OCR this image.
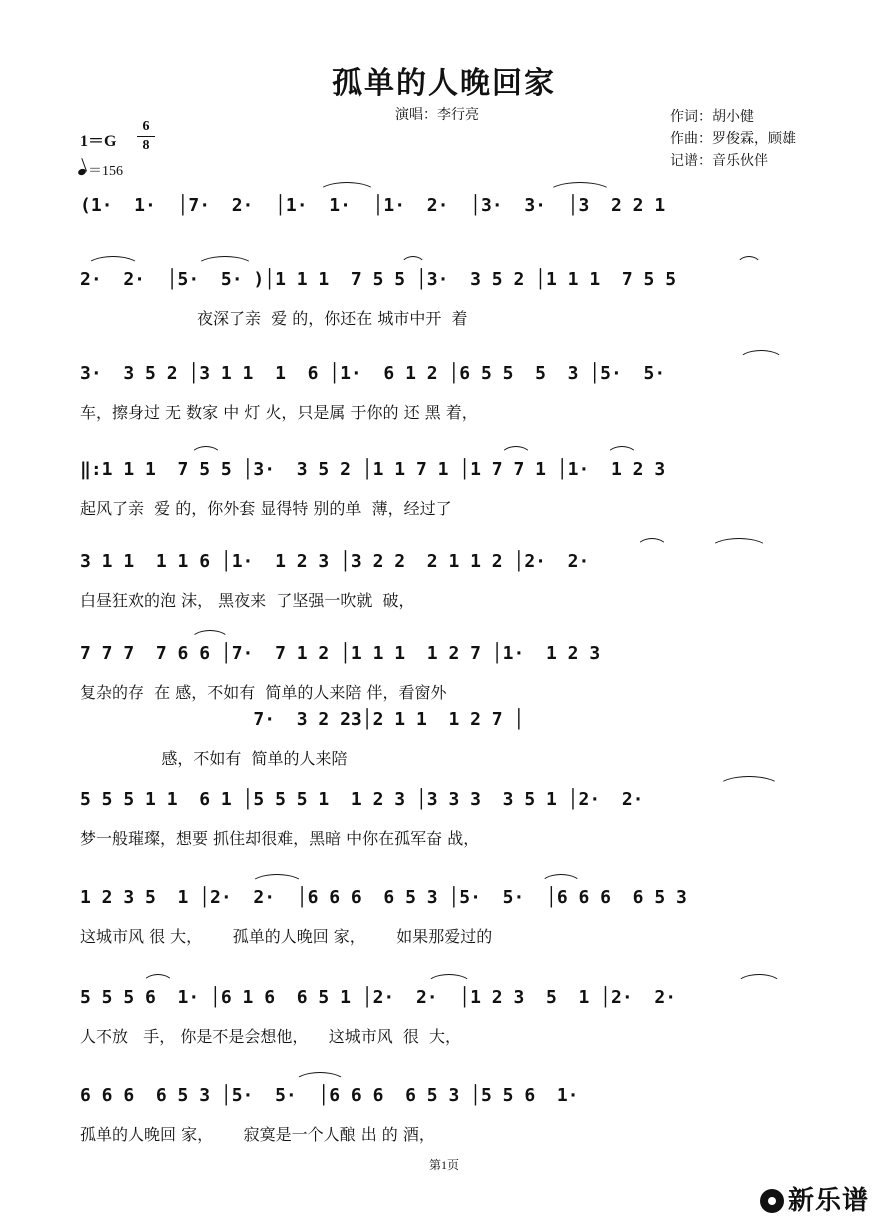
孤单的人晚回家
演唱：李行亮	作词：胡小健
作曲：罗俊霖，顾雄
记谱：音乐伙伴
1＝G
6
8
＝156
(1·  1·  │7·  2·  │1·  1·  │1·  2·  │3·  3·  │3  2 2 1
2·  2·  │5·  5· )│1 1 1  7 5 5 │3·  3 5 2 │1 1 1  7 5 5
夜深了亲  爱 的，你还在 城市中开  着
3·  3 5 2 │3 1 1  1  6 │1·  6 1 2 │6 5 5  5  3 │5·  5·
车，擦身过 无 数家 中 灯 火，只是属 于你的 还 黑 着，
‖:1 1 1  7 5 5 │3·  3 5 2 │1 1 7 1 │1 7 7 1 │1·  1 2 3
起风了亲  爱 的，你外套 显得特 别的单  薄，经过了
3 1 1  1 1 6 │1·  1 2 3 │3 2 2  2 1 1 2 │2·  2·
白昼狂欢的泡 沫， 黑夜来  了坚强一吹就  破，
7 7 7  7 6 6 │7·  7 1 2 │1 1 1  1 2 7 │1·  1 2 3
复杂的存  在 感，不如有  简单的人来陪 伴，看窗外
7·  3 2 23│2 1 1  1 2 7 │
感，不如有  简单的人来陪
5 5 5 1 1  6 1 │5 5 5 1  1 2 3 │3 3 3  3 5 1 │2·  2·
梦一般璀璨，想要 抓住却很难，黑暗 中你在孤军奋 战，
1 2 3 5  1 │2·  2·  │6 6 6  6 5 3 │5·  5·  │6 6 6  6 5 3
这城市风 很 大，      孤单的人晚回 家，      如果那爱过的
5 5 5 6  1· │6 1 6  6 5 1 │2·  2·  │1 2 3  5  1 │2·  2·
人不放   手， 你是不是会想他，    这城市风  很  大，
6 6 6  6 5 3 │5·  5·  │6 6 6  6 5 3 │5 5 6  1·
孤单的人晚回 家，      寂寞是一个人酿 出 的 酒，
第1页
新乐谱
